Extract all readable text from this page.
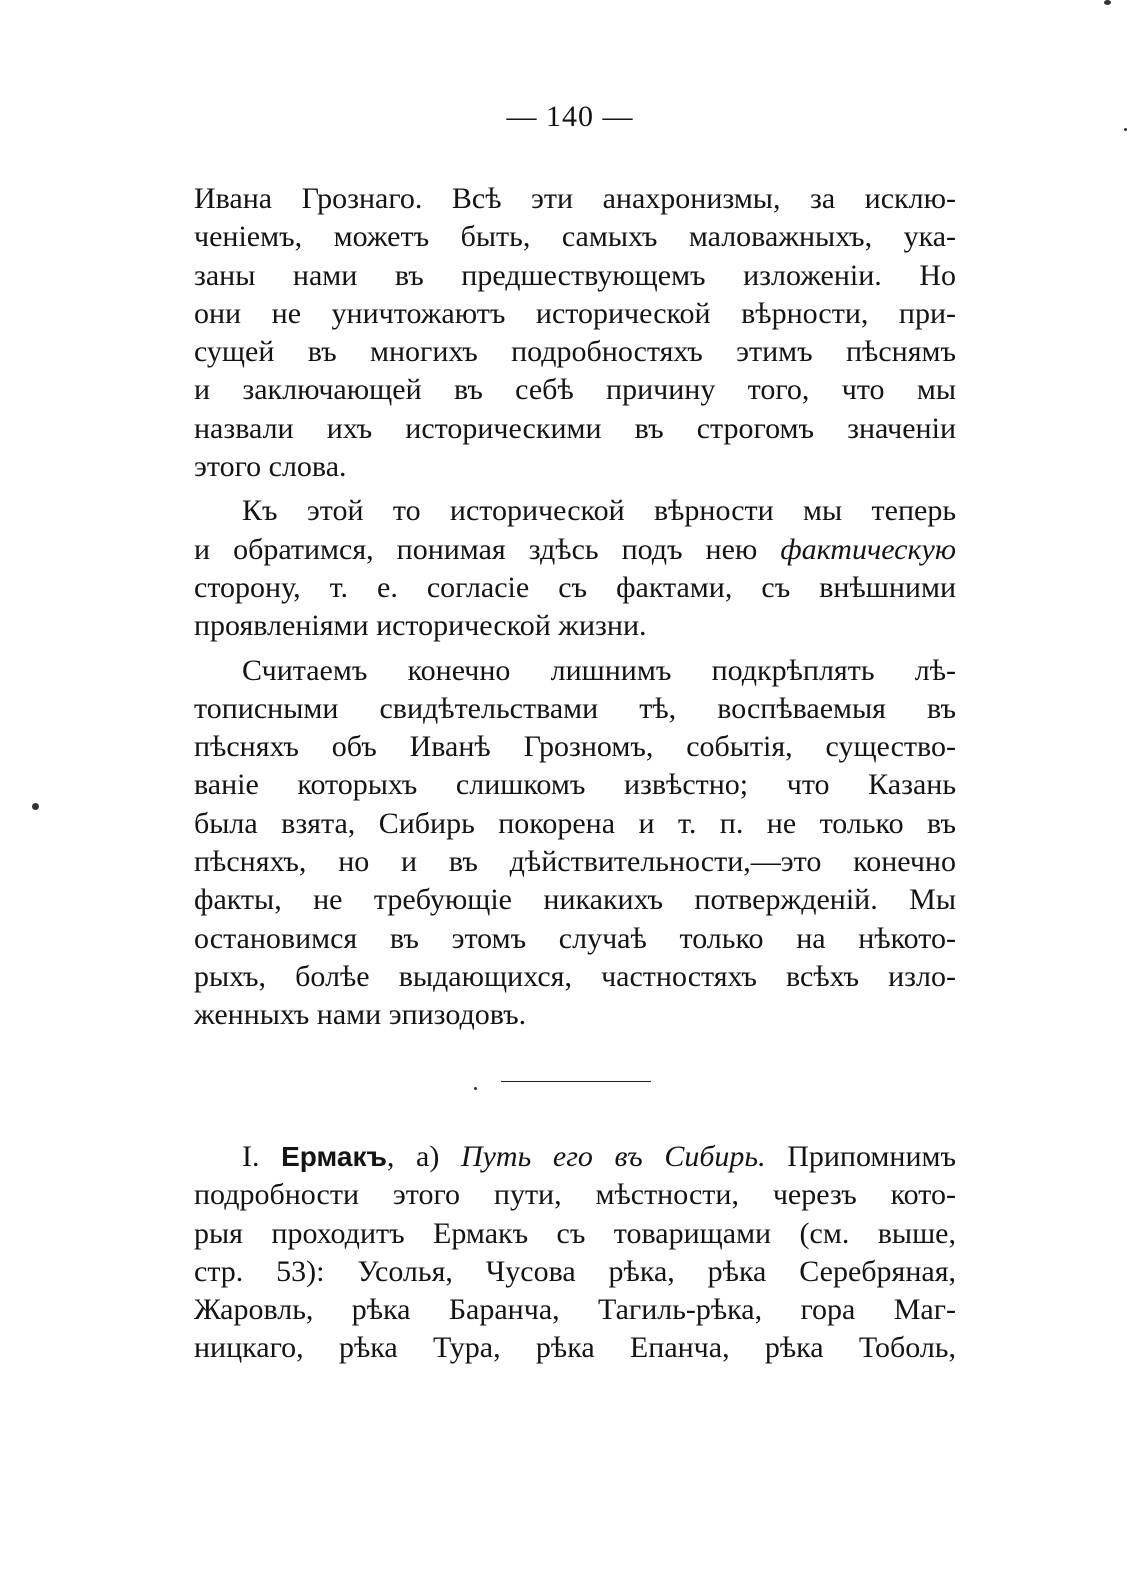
— 140 —
Ивана Грознаго. Всѣ эти анахронизмы, за исклю-
ченіемъ, можетъ быть, самыхъ маловажныхъ, ука-
заны нами въ предшествующемъ изложеніи. Но
они не уничтожаютъ исторической вѣрности, при-
сущей въ многихъ подробностяхъ этимъ пѣснямъ
и заключающей въ себѣ причину того, что мы
назвали ихъ историческими въ строгомъ значеніи
этого слова.
Къ этой то исторической вѣрности мы теперь
и обратимся, понимая здѣсь подъ нею фактическую
сторону, т. е. согласіе съ фактами, съ внѣшними
проявленіями исторической жизни.
Считаемъ конечно лишнимъ подкрѣплять лѣ-
тописными свидѣтельствами тѣ, воспѣваемыя въ
пѣсняхъ объ Иванѣ Грозномъ, событія, существо-
ваніе которыхъ слишкомъ извѣстно; что Казань
была взята, Сибирь покорена и т. п. не только въ
пѣсняхъ, но и въ дѣйствительности,—это конечно
факты, не требующіе никакихъ потвержденій. Мы
остановимся въ этомъ случаѣ только на нѣкото-
рыхъ, болѣе выдающихся, частностяхъ всѣхъ изло-
женныхъ нами эпизодовъ.
I. Ермакъ, а) Путь его въ Сибирь. Припомнимъ
подробности этого пути, мѣстности, черезъ кото-
рыя проходитъ Ермакъ съ товарищами (см. выше,
стр. 53): Усолья, Чусова рѣка, рѣка Серебряная,
Жаровль, рѣка Баранча, Тагиль-рѣка, гора Маг-
ницкаго, рѣка Тура, рѣка Епанча, рѣка Тоболь,
